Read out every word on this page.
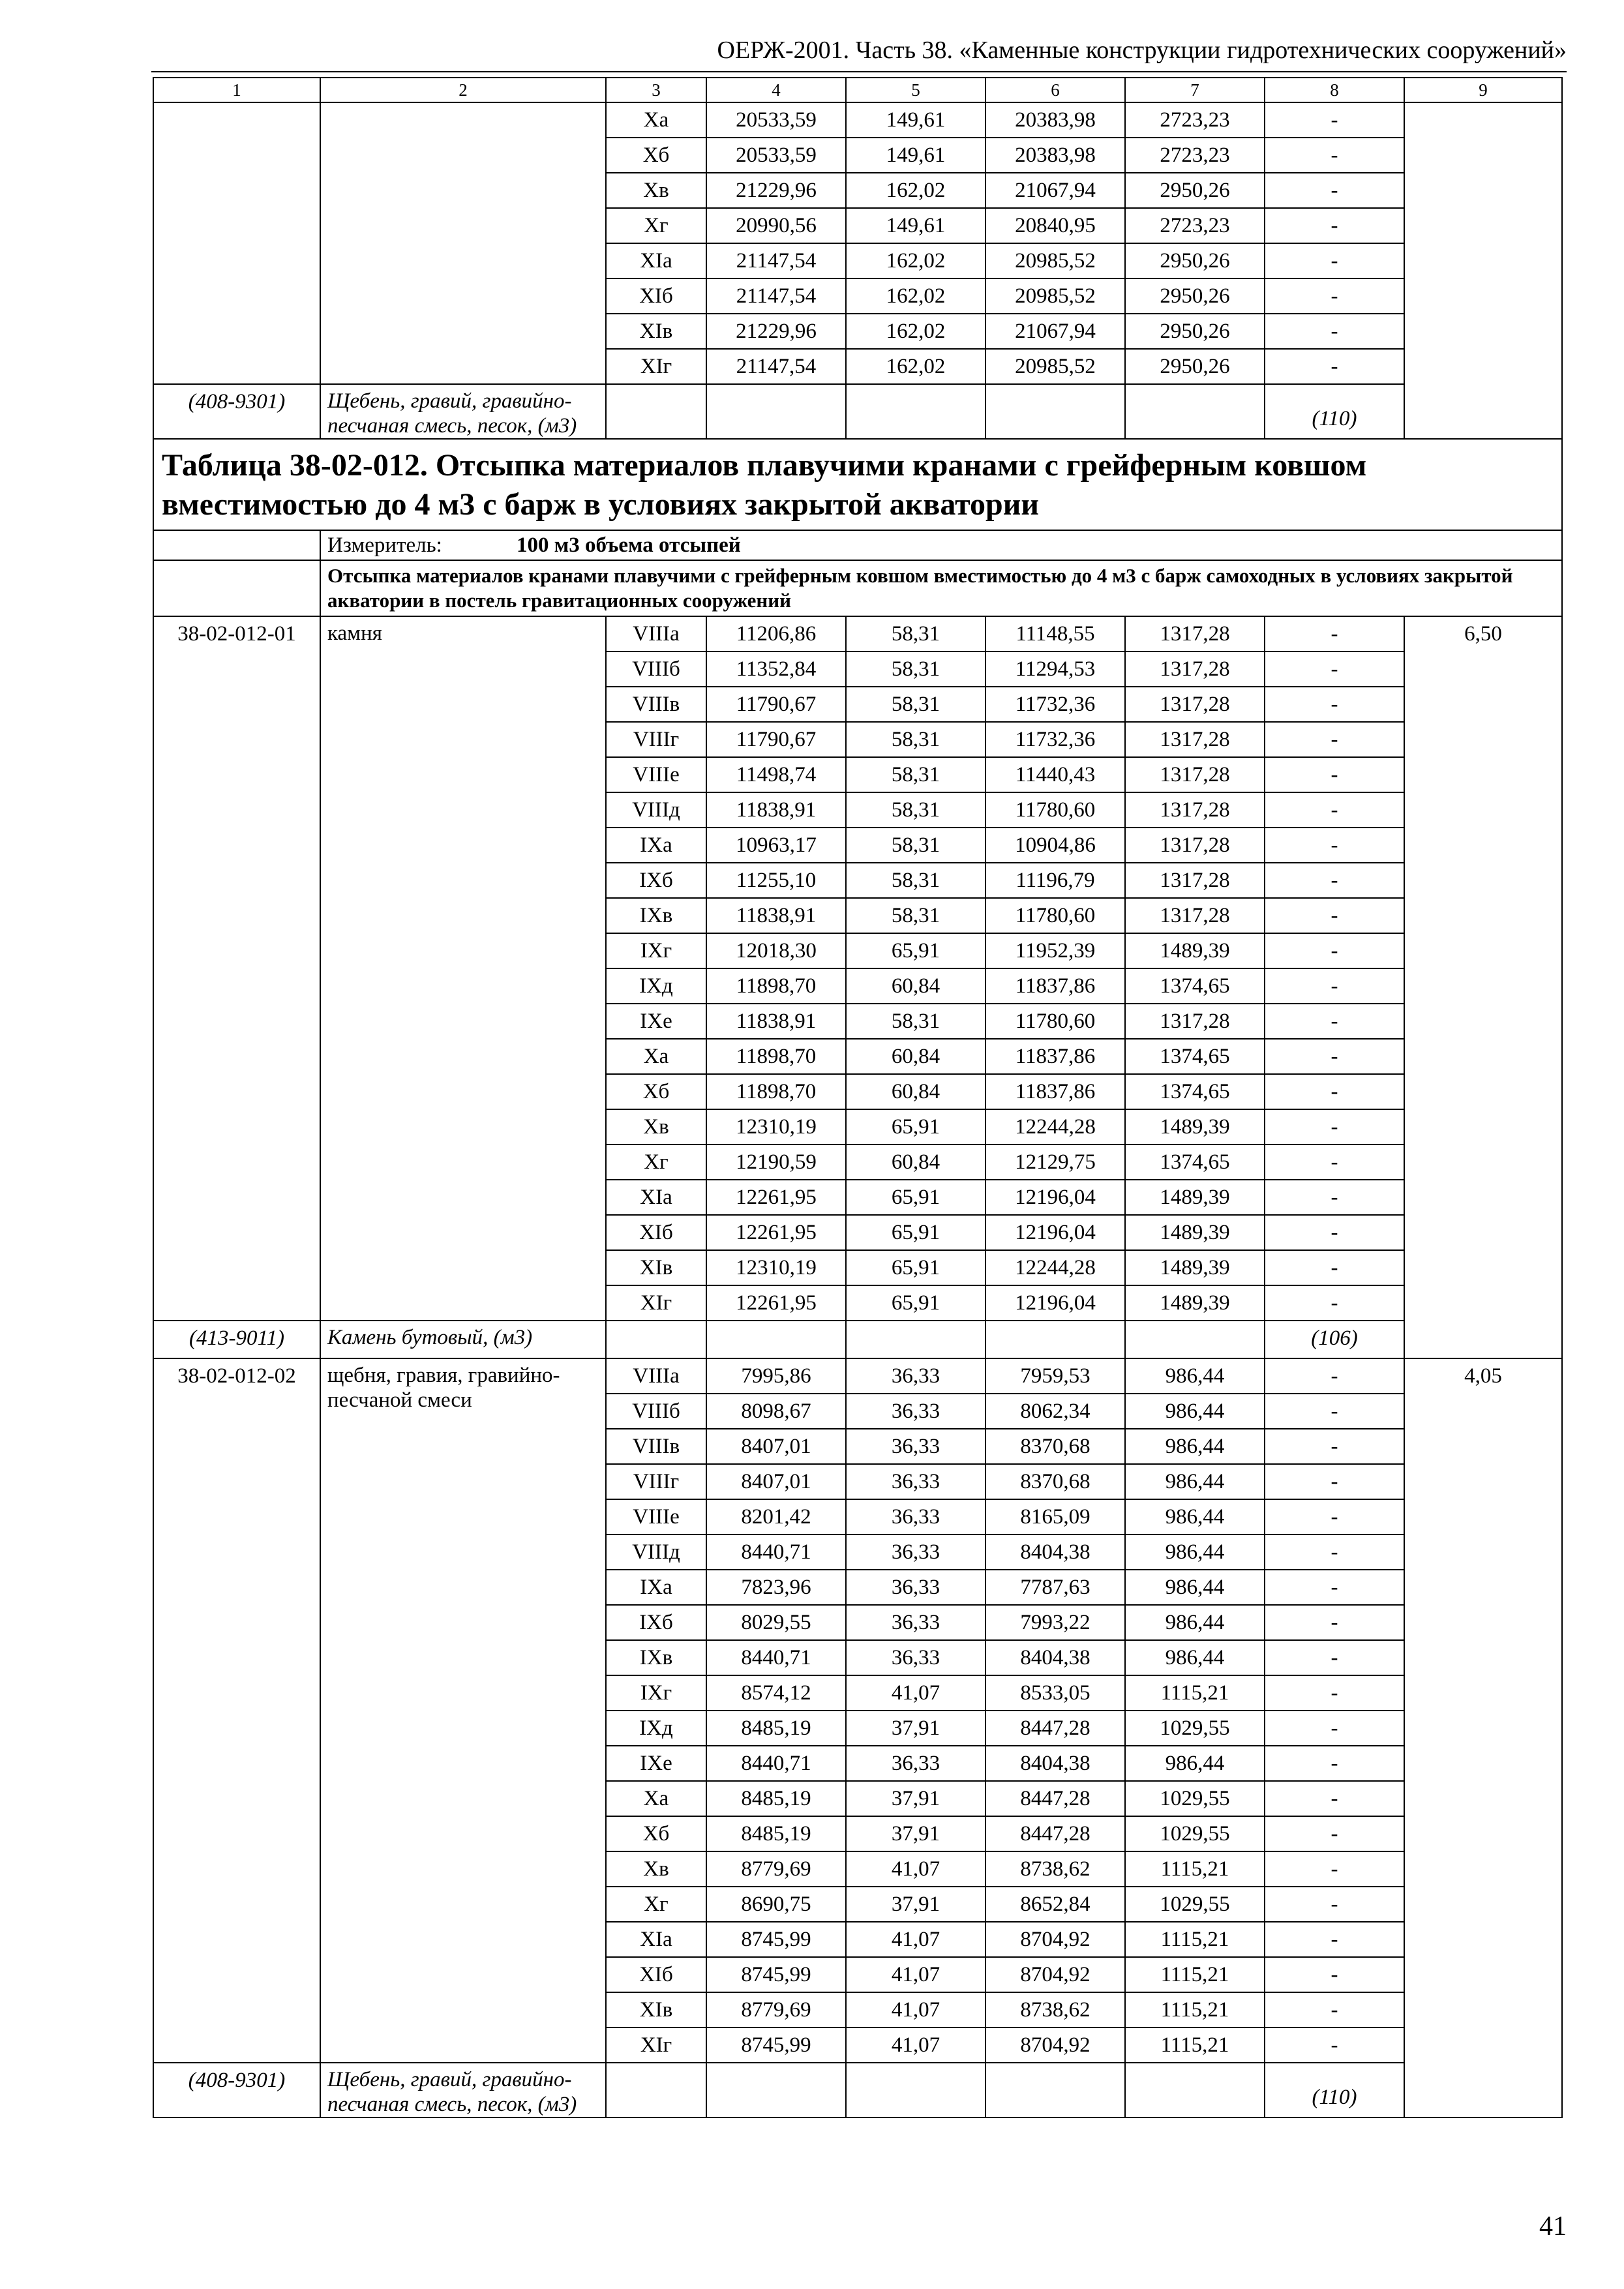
ОЕРЖ-2001. Часть 38. «Каменные конструкции гидротехнических сооружений»
1	2	3	4	5	6	7	8	9
		Xa	20533,59	149,61	20383,98	2723,23	-	
		Xб	20533,59	149,61	20383,98	2723,23	-	
		Xв	21229,96	162,02	21067,94	2950,26	-	
		Xг	20990,56	149,61	20840,95	2723,23	-	
		XIa	21147,54	162,02	20985,52	2950,26	-	
		XIб	21147,54	162,02	20985,52	2950,26	-	
		XIв	21229,96	162,02	21067,94	2950,26	-	
		XIг	21147,54	162,02	20985,52	2950,26	-	
(408-9301)	Щебень, гравий, гравийно-песчаная смесь, песок, (м3)						(110)	
Таблица 38-02-012. Отсыпка материалов плавучими кранами с грейферным ковшом вместимостью до 4 м3 с барж в условиях закрытой акватории								
	Измеритель: 100 м3 объема отсыпей							
	Отсыпка материалов кранами плавучими с грейферным ковшом вместимостью до 4 м3 с барж самоходных в условиях закрытой акватории в постель гравитационных сооружений							
38-02-012-01	камня	VIIIa	11206,86	58,31	11148,55	1317,28	-	6,50
		VIIIб	11352,84	58,31	11294,53	1317,28	-	
		VIIIв	11790,67	58,31	11732,36	1317,28	-	
		VIIIг	11790,67	58,31	11732,36	1317,28	-	
		VIIIe	11498,74	58,31	11440,43	1317,28	-	
		VIIIд	11838,91	58,31	11780,60	1317,28	-	
		IXa	10963,17	58,31	10904,86	1317,28	-	
		IXб	11255,10	58,31	11196,79	1317,28	-	
		IXв	11838,91	58,31	11780,60	1317,28	-	
		IXг	12018,30	65,91	11952,39	1489,39	-	
		IXд	11898,70	60,84	11837,86	1374,65	-	
		IXe	11838,91	58,31	11780,60	1317,28	-	
		Xa	11898,70	60,84	11837,86	1374,65	-	
		Xб	11898,70	60,84	11837,86	1374,65	-	
		Xв	12310,19	65,91	12244,28	1489,39	-	
		Xг	12190,59	60,84	12129,75	1374,65	-	
		XIa	12261,95	65,91	12196,04	1489,39	-	
		XIб	12261,95	65,91	12196,04	1489,39	-	
		XIв	12310,19	65,91	12244,28	1489,39	-	
		XIг	12261,95	65,91	12196,04	1489,39	-	
(413-9011)	Камень бутовый, (м3)						(106)	
38-02-012-02	щебня, гравия, гравийно-песчаной смеси	VIIIa	7995,86	36,33	7959,53	986,44	-	4,05
		VIIIб	8098,67	36,33	8062,34	986,44	-	
		VIIIв	8407,01	36,33	8370,68	986,44	-	
		VIIIг	8407,01	36,33	8370,68	986,44	-	
		VIIIe	8201,42	36,33	8165,09	986,44	-	
		VIIIд	8440,71	36,33	8404,38	986,44	-	
		IXa	7823,96	36,33	7787,63	986,44	-	
		IXб	8029,55	36,33	7993,22	986,44	-	
		IXв	8440,71	36,33	8404,38	986,44	-	
		IXг	8574,12	41,07	8533,05	1115,21	-	
		IXд	8485,19	37,91	8447,28	1029,55	-	
		IXe	8440,71	36,33	8404,38	986,44	-	
		Xa	8485,19	37,91	8447,28	1029,55	-	
		Xб	8485,19	37,91	8447,28	1029,55	-	
		Xв	8779,69	41,07	8738,62	1115,21	-	
		Xг	8690,75	37,91	8652,84	1029,55	-	
		XIa	8745,99	41,07	8704,92	1115,21	-	
		XIб	8745,99	41,07	8704,92	1115,21	-	
		XIв	8779,69	41,07	8738,62	1115,21	-	
		XIг	8745,99	41,07	8704,92	1115,21	-	
(408-9301)	Щебень, гравий, гравийно-песчаная смесь, песок, (м3)						(110)	
41
